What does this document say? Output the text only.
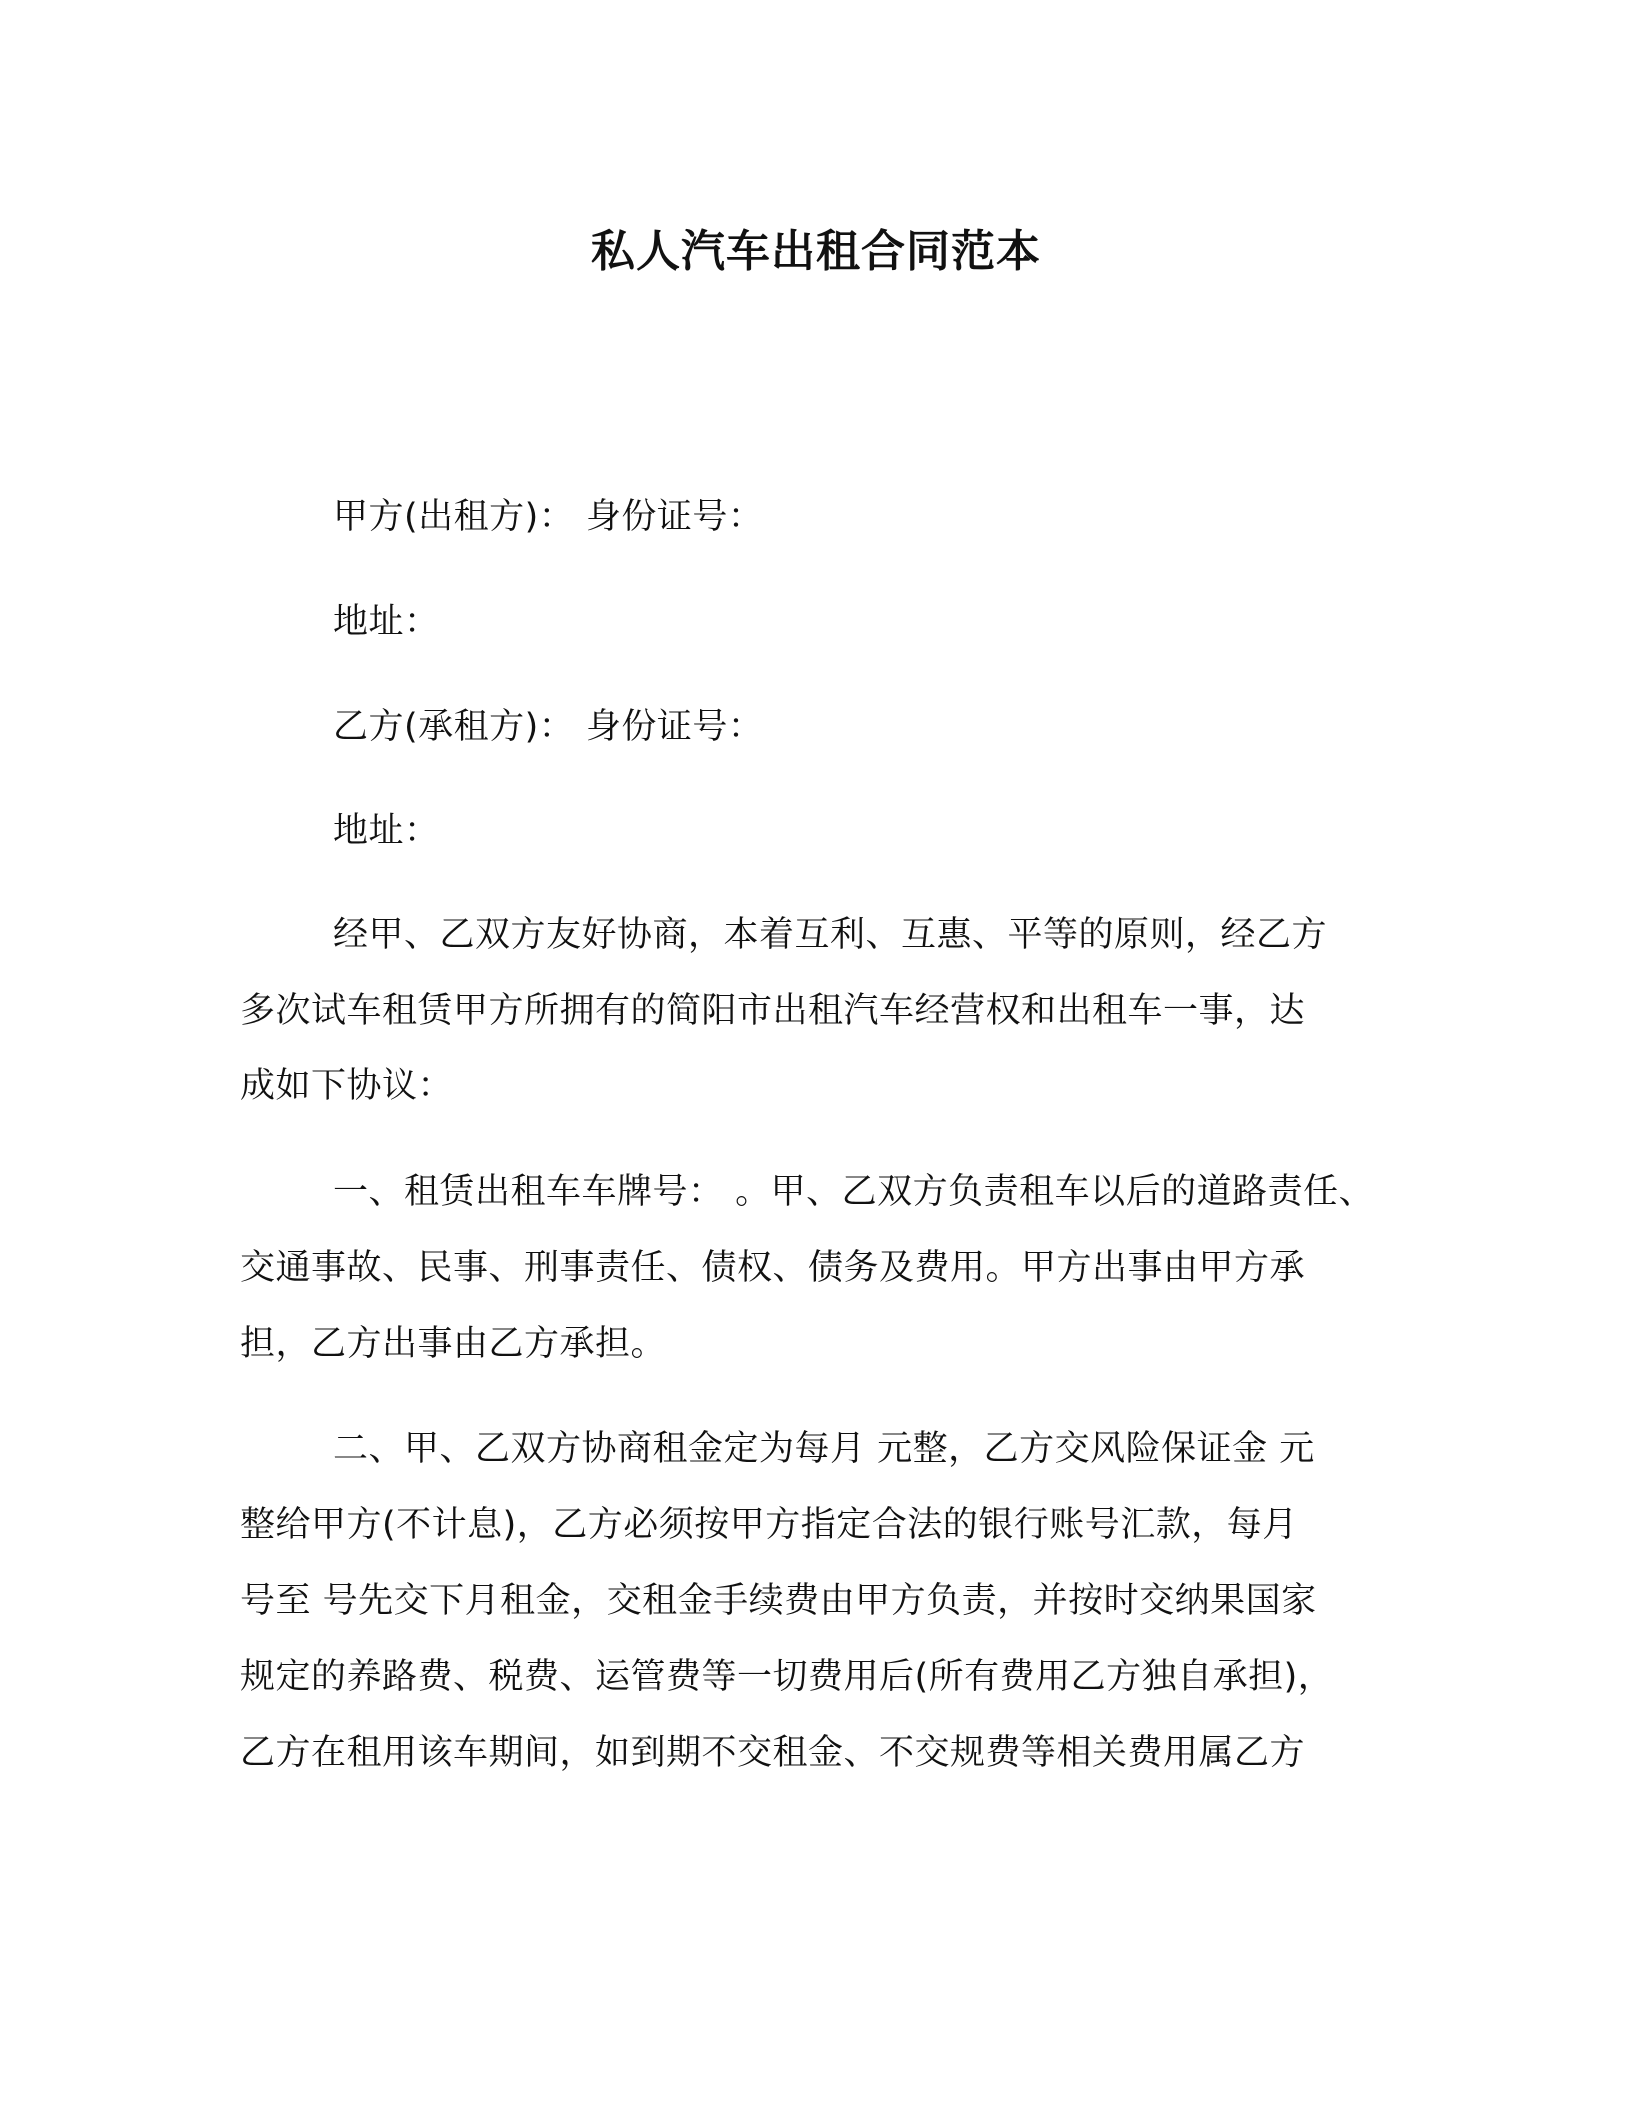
私人汽车出租合同范本
甲方(出租方)： 身份证号：
地址：
乙方(承租方)： 身份证号：
地址：
经甲、乙双方友好协商，本着互利、互惠、平等的原则，经乙方
多次试车租赁甲方所拥有的简阳市出租汽车经营权和出租车一事，达
成如下协议：
一、租赁出租车车牌号： 。甲、乙双方负责租车以后的道路责任、
交通事故、民事、刑事责任、债权、债务及费用。甲方出事由甲方承
担，乙方出事由乙方承担。
二、甲、乙双方协商租金定为每月 元整，乙方交风险保证金 元
整给甲方(不计息)，乙方必须按甲方指定合法的银行账号汇款，每月
号至 号先交下月租金，交租金手续费由甲方负责，并按时交纳果国家
规定的养路费、税费、运管费等一切费用后(所有费用乙方独自承担)，
乙方在租用该车期间，如到期不交租金、不交规费等相关费用属乙方
